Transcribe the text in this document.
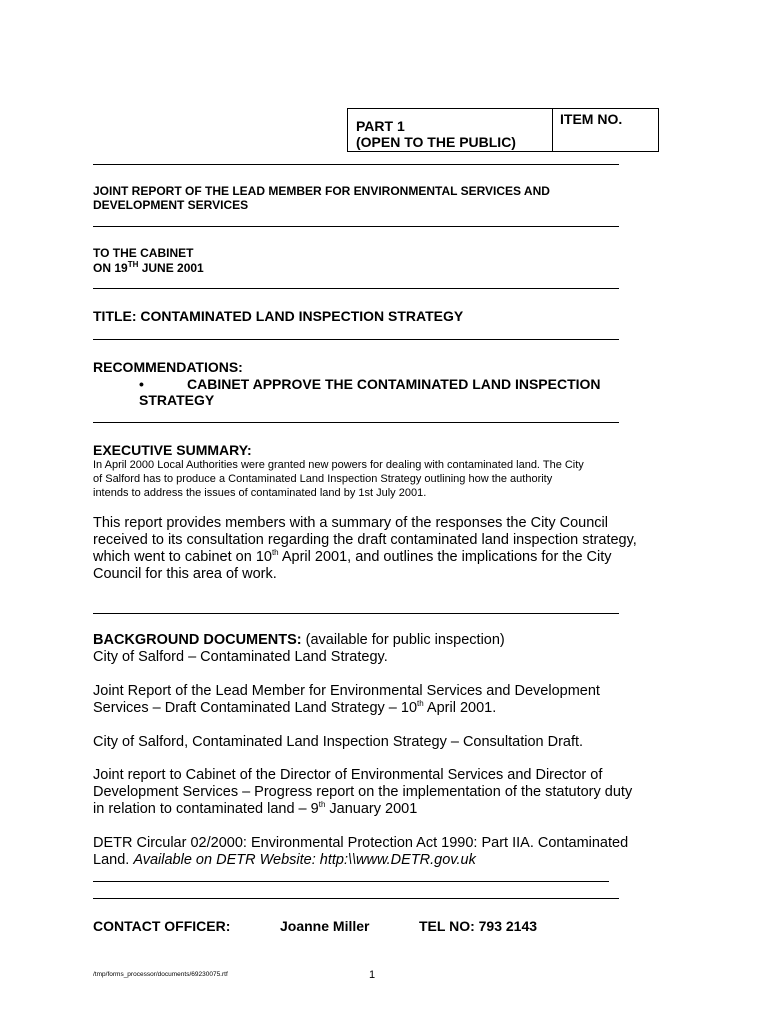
PART 1
(OPEN TO THE PUBLIC)
ITEM NO.
JOINT REPORT OF THE LEAD MEMBER FOR ENVIRONMENTAL SERVICES AND
DEVELOPMENT SERVICES
TO THE CABINET
ON 19TH JUNE 2001
TITLE: CONTAMINATED LAND INSPECTION STRATEGY
RECOMMENDATIONS:
•	CABINET APPROVE THE CONTAMINATED LAND INSPECTION
STRATEGY
EXECUTIVE SUMMARY:
In April 2000 Local Authorities were granted new powers for dealing with contaminated land. The City
of Salford has to produce a Contaminated Land Inspection Strategy outlining how the authority
intends to address the issues of contaminated land by 1st July 2001.
This report provides members with a summary of the responses the City Council
received to its consultation regarding the draft contaminated land inspection strategy,
which went to cabinet on 10th April 2001, and outlines the implications for the City
Council for this area of work.
BACKGROUND DOCUMENTS: (available for public inspection)
City of Salford – Contaminated Land Strategy.
Joint Report of the Lead Member for Environmental Services and Development
Services – Draft Contaminated Land Strategy – 10th April 2001.
City of Salford, Contaminated Land Inspection Strategy – Consultation Draft.
Joint report to Cabinet of the Director of Environmental Services and Director of
Development Services – Progress report on the implementation of the statutory duty
in relation to contaminated land – 9th January 2001
DETR Circular 02/2000: Environmental Protection Act 1990: Part IIA. Contaminated
Land. Available on DETR Website: http:\\www.DETR.gov.uk
CONTACT OFFICER:	Joanne Miller	TEL NO: 793 2143
/tmp/forms_processor/documents/69230075.rtf	1
